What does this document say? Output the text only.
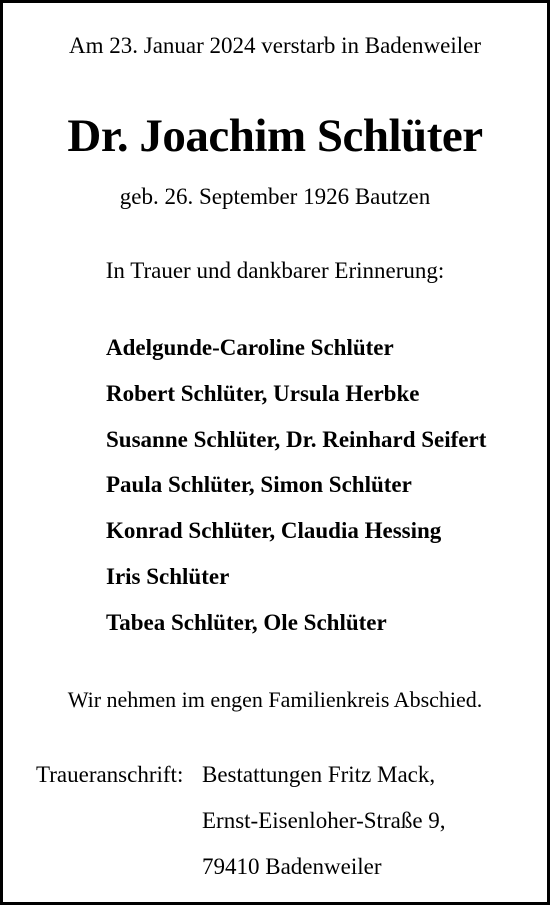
Am 23. Januar 2024 verstarb in Badenweiler
Dr. Joachim Schlüter
geb. 26. September 1926 Bautzen
In Trauer und dankbarer Erinnerung:
Adelgunde-Caroline Schlüter
Robert Schlüter, Ursula Herbke
Susanne Schlüter, Dr. Reinhard Seifert
Paula Schlüter, Simon Schlüter
Konrad Schlüter, Claudia Hessing
Iris Schlüter
Tabea Schlüter, Ole Schlüter
Wir nehmen im engen Familienkreis Abschied.
Traueranschrift: Bestattungen Fritz Mack,
Ernst-Eisenloher-Straße 9,
79410 Badenweiler
